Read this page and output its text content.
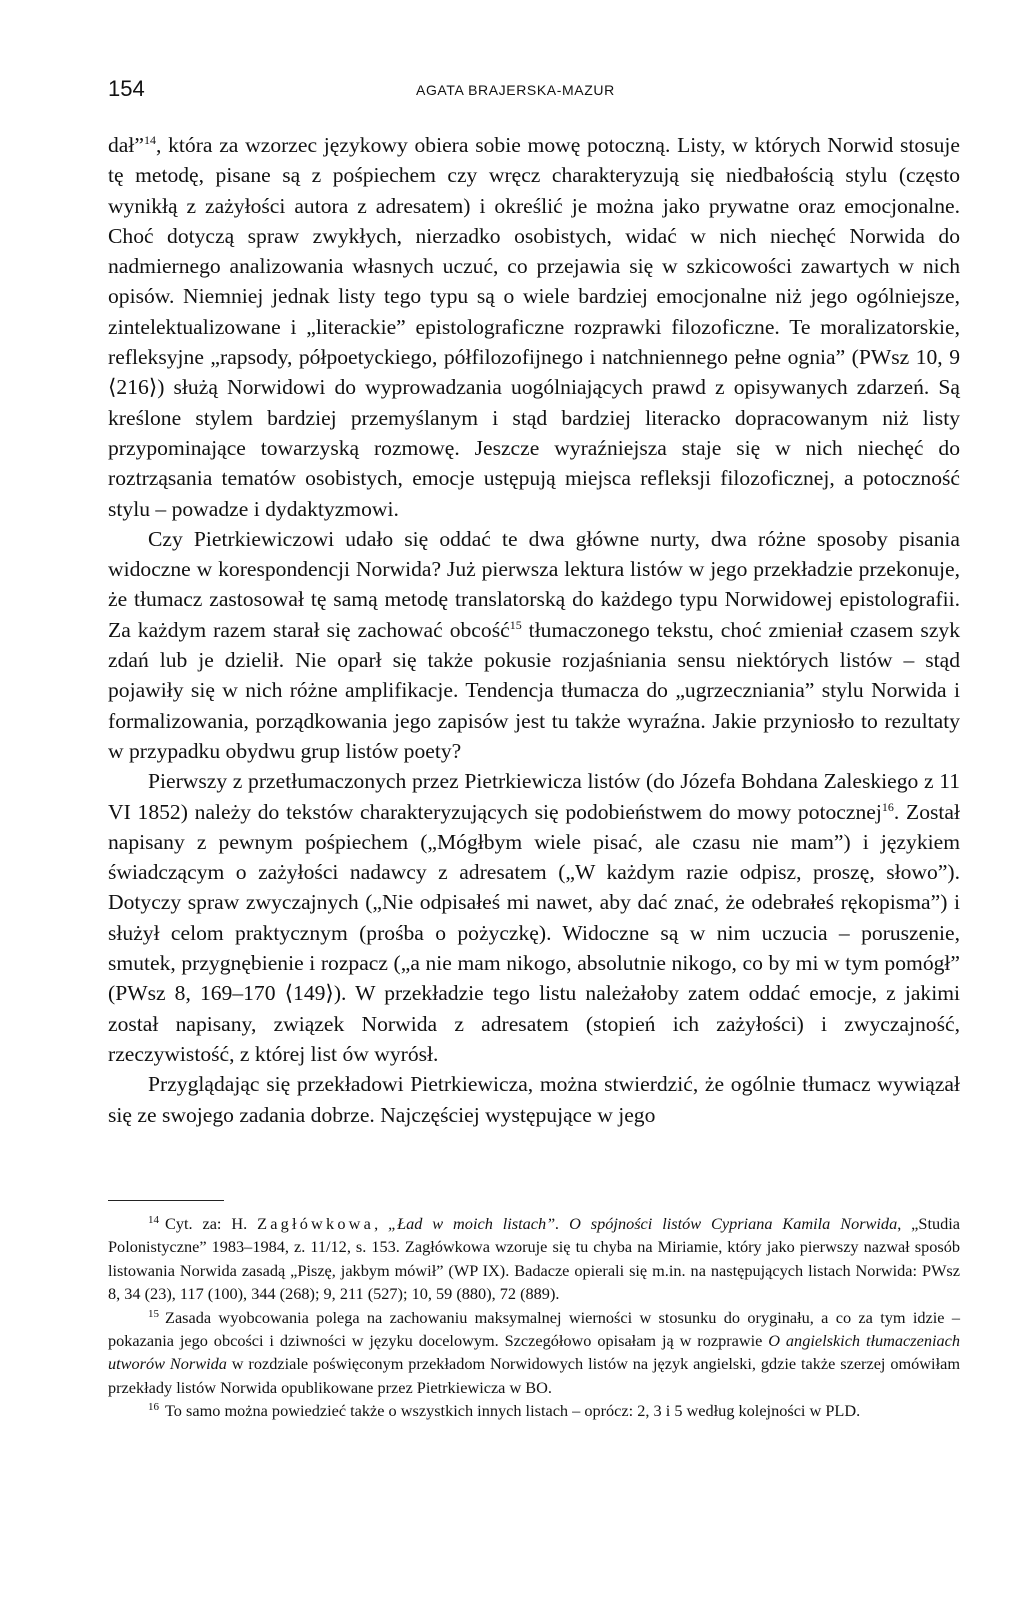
154	AGATA BRAJERSKA-MAZUR

dał”$^{14}$, która za wzorzec językowy obiera sobie mowę potoczną. Listy, w których Norwid stosuje tę metodę, pisane są z pośpiechem czy wręcz charakteryzują się niedbałością stylu (często wynikłą z zażyłości autora z adresatem) i określić je można jako prywatne oraz emocjonalne. Choć dotyczą spraw zwykłych, nierzadko osobistych, widać w nich niechęć Norwida do nadmiernego analizowania własnych uczuć, co przejawia się w szkicowości zawartych w nich opisów. Niemniej jednak listy tego typu są o wiele bardziej emocjonalne niż jego ogólniejsze, zintelektualizowane i „literackie” epistolograficzne rozprawki filozoficzne. Te moralizatorskie, refleksyjne „rapsody, półpoetyckiego, półfilozofijnego i natchniennego pełne ognia” (PWsz 10, 9 ⟨216⟩) służą Norwidowi do wyprowadzania uogólniających prawd z opisywanych zdarzeń. Są kreślone stylem bardziej przemyślanym i stąd bardziej literacko dopracowanym niż listy przypominające towarzyską rozmowę. Jeszcze wyraźniejsza staje się w nich niechęć do roztrząsania tematów osobistych, emocje ustępują miejsca refleksji filozoficznej, a potoczność stylu – powadze i dydaktyzmowi.

Czy Pietrkiewiczowi udało się oddać te dwa główne nurty, dwa różne sposoby pisania widoczne w korespondencji Norwida? Już pierwsza lektura listów w jego przekładzie przekonuje, że tłumacz zastosował tę samą metodę translatorską do każdego typu Norwidowej epistolografii. Za każdym razem starał się zachować obcość$^{15}$ tłumaczonego tekstu, choć zmieniał czasem szyk zdań lub je dzielił. Nie oparł się także pokusie rozjaśniania sensu niektórych listów – stąd pojawiły się w nich różne amplifikacje. Tendencja tłumacza do „ugrzeczniania” stylu Norwida i formalizowania, porządkowania jego zapisów jest tu także wyraźna. Jakie przyniosło to rezultaty w przypadku obydwu grup listów poety?

Pierwszy z przetłumaczonych przez Pietrkiewicza listów (do Józefa Bohdana Zaleskiego z 11 VI 1852) należy do tekstów charakteryzujących się podobieństwem do mowy potocznej$^{16}$. Został napisany z pewnym pośpiechem („Mógłbym wiele pisać, ale czasu nie mam”) i językiem świadczącym o zażyłości nadawcy z adresatem („W każdym razie odpisz, proszę, słowo”). Dotyczy spraw zwyczajnych („Nie odpisałeś mi nawet, aby dać znać, że odebrałeś rękopisma”) i służył celom praktycznym (prośba o pożyczkę). Widoczne są w nim uczucia – poruszenie, smutek, przygnębienie i rozpacz („a nie mam nikogo, absolutnie nikogo, co by mi w tym pomógł” (PWsz 8, 169–170 ⟨149⟩). W przekładzie tego listu należałoby zatem oddać emocje, z jakimi został napisany, związek Norwida z adresatem (stopień ich zażyłości) i zwyczajność, rzeczywistość, z której list ów wyrósł.

Przyglądając się przekładowi Pietrkiewicza, można stwierdzić, że ogólnie tłumacz wywiązał się ze swojego zadania dobrze. Najczęściej występujące w jego

$^{14}$ Cyt. za: H. Zagłówkowa, „Ład w moich listach”. O spójności listów Cypriana Kamila Norwida, „Studia Polonistyczne” 1983–1984, z. 11/12, s. 153. Zagłówkowa wzoruje się tu chyba na Miriamie, który jako pierwszy nazwał sposób listowania Norwida zasadą „Piszę, jakbym mówił” (WP IX). Badacze opierali się m.in. na następujących listach Norwida: PWsz 8, 34 (23), 117 (100), 344 (268); 9, 211 (527); 10, 59 (880), 72 (889).

$^{15}$ Zasada wyobcowania polega na zachowaniu maksymalnej wierności w stosunku do oryginału, a co za tym idzie – pokazania jego obcości i dziwności w języku docelowym. Szczegółowo opisałam ją w rozprawie O angielskich tłumaczeniach utworów Norwida w rozdziale poświęconym przekładom Norwidowych listów na język angielski, gdzie także szerzej omówiłam przekłady listów Norwida opublikowane przez Pietrkiewicza w BO.

$^{16}$ To samo można powiedzieć także o wszystkich innych listach – oprócz: 2, 3 i 5 według kolejności w PLD.
